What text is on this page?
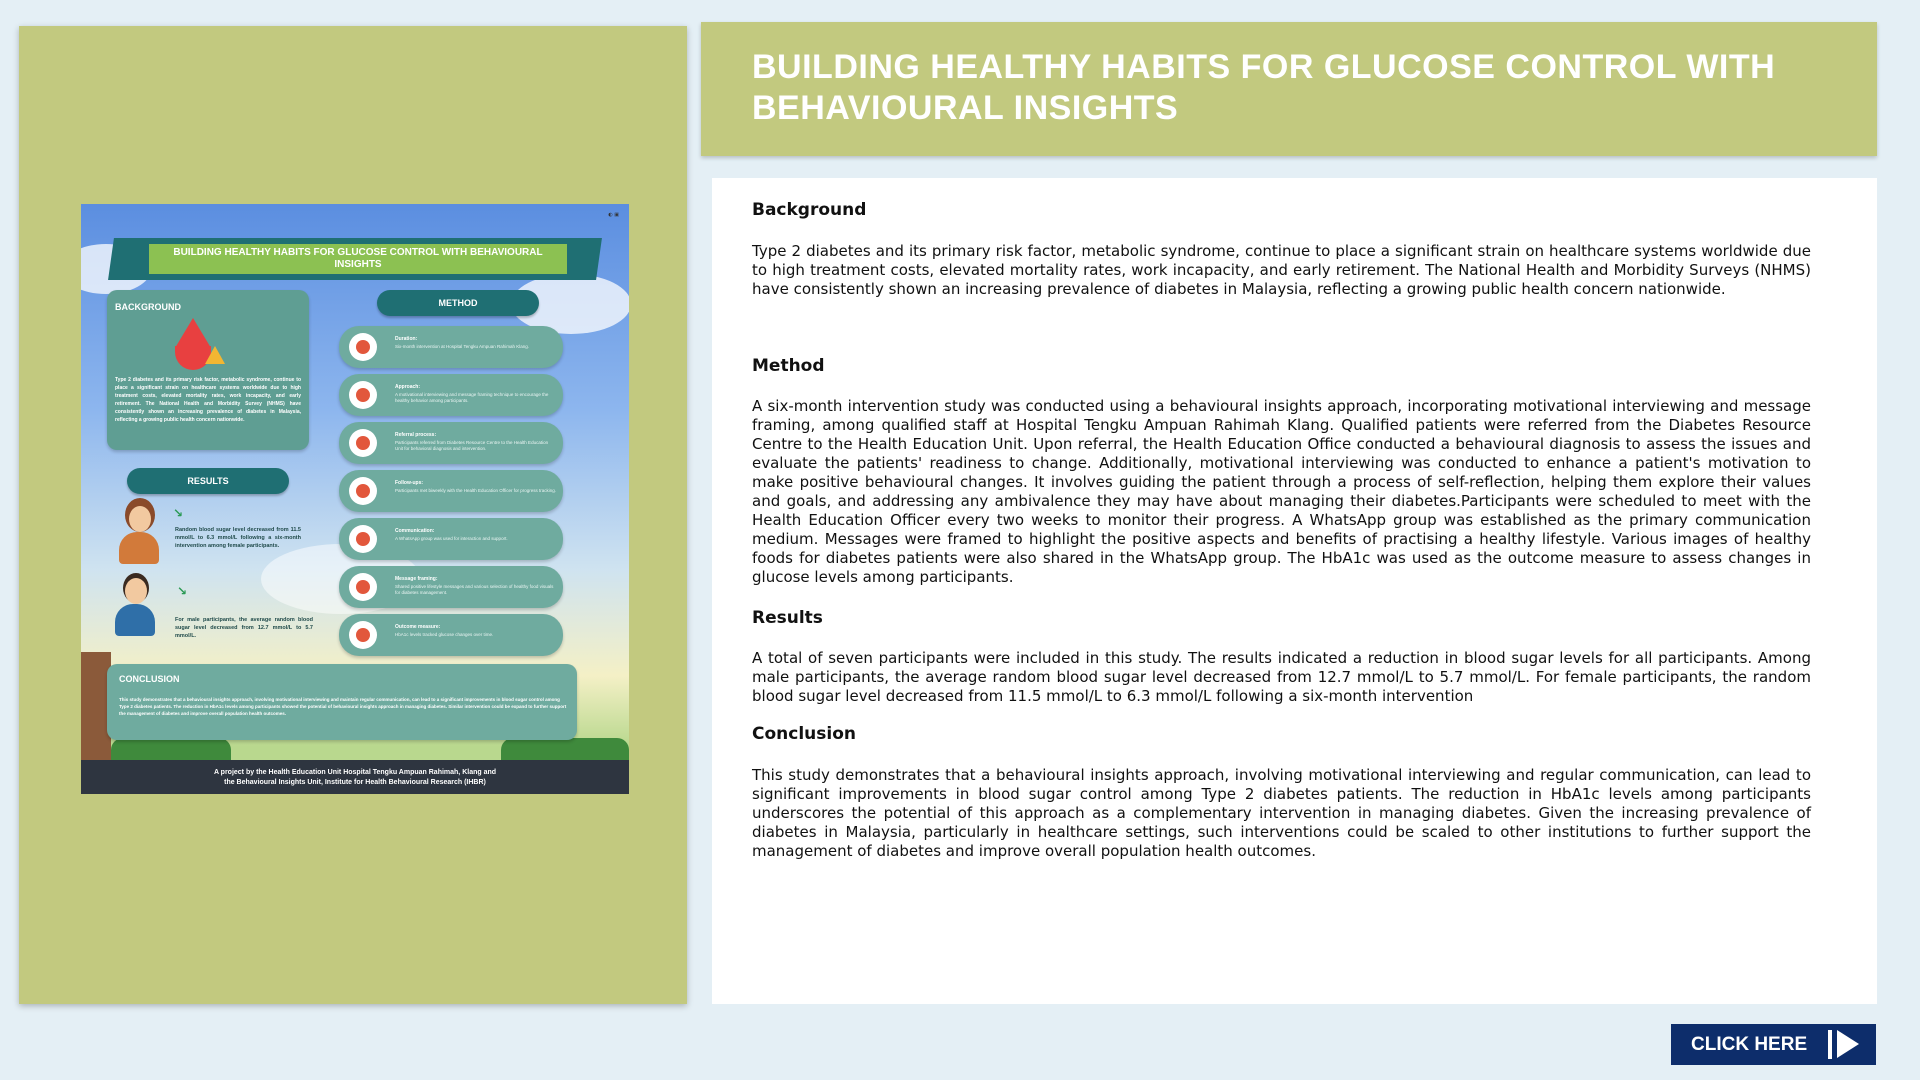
◐ ▣
BUILDING HEALTHY HABITS FOR GLUCOSE CONTROL WITH BEHAVIOURAL INSIGHTS
BACKGROUND
Type 2 diabetes and its primary risk factor, metabolic syndrome, continue to place a significant strain on healthcare systems worldwide due to high treatment costs, elevated mortality rates, work incapacity, and early retirement. The National Health and Morbidity Survey (NHMS) have consistently shown an increasing prevalence of diabetes in Malaysia, reflecting a growing public health concern nationwide.
METHOD
Duration:
Six-month intervention at Hospital Tengku Ampuan Rahimah Klang.
Approach:
A motivational interviewing and message framing technique to encourage the healthy behavior among participants.
Referral process:
Participants referred from Diabetes Resource Centre to the Health Education Unit for behavioral diagnosis and intervention.
Follow-ups:
Participants met biweekly with the Health Education Officer for progress tracking.
Communication:
A WhatsApp group was used for interaction and support.
Message framing:
Shared positive lifestyle messages and various selection of healthy food visuals for diabetes management.
Outcome measure:
HbA1c levels tracked glucose changes over time.
RESULTS
↘
Random blood sugar level decreased from 11.5 mmol/L to 6.3 mmol/L following a six-month intervention among female participants.
↘
For male participants, the average random blood sugar level decreased from 12.7 mmol/L to 5.7 mmol/L.
CONCLUSION
This study demonstrates that a behavioural insights approach, involving motivational interviewing and maintain regular communication, can lead to a significant improvements in blood sugar control among Type 2 diabetes patients. The reduction in HbA1c levels among participants showed the potential of behavioural insights approach in managing diabetes. Similar intervention could be expand to further support the management of diabetes and improve overall population health outcomes.
A project by the Health Education Unit Hospital Tengku Ampuan Rahimah, Klang and
the Behavioural Insights Unit, Institute for Health Behavioural Research (IHBR)
BUILDING HEALTHY HABITS FOR GLUCOSE CONTROL WITH BEHAVIOURAL INSIGHTS
Background

Type 2 diabetes and its primary risk factor, metabolic syndrome, continue to place a significant strain on healthcare systems worldwide due to high treatment costs, elevated mortality rates, work incapacity, and early retirement. The National Health and Morbidity Surveys (NHMS) have consistently shown an increasing prevalence of diabetes in Malaysia, reflecting a growing public health concern nationwide.

Method

A six-month intervention study was conducted using a behavioural insights approach, incorporating motivational interviewing and message framing, among qualified staff at Hospital Tengku Ampuan Rahimah Klang. Qualified patients were referred from the Diabetes Resource Centre to the Health Education Unit. Upon referral, the Health Education Office conducted a behavioural diagnosis to assess the issues and evaluate the patients' readiness to change. Additionally, motivational interviewing was conducted to enhance a patient's motivation to make positive behavioural changes. It involves guiding the patient through a process of self-reflection, helping them explore their values and goals, and addressing any ambivalence they may have about managing their diabetes.Participants were scheduled to meet with the Health Education Officer every two weeks to monitor their progress. A WhatsApp group was established as the primary communication medium. Messages were framed to highlight the positive aspects and benefits of practising a healthy lifestyle. Various images of healthy foods for diabetes patients were also shared in the WhatsApp group. The HbA1c was used as the outcome measure to assess changes in glucose levels among participants.

Results

A total of seven participants were included in this study. The results indicated a reduction in blood sugar levels for all participants. Among male participants, the average random blood sugar level decreased from 12.7 mmol/L to 5.7 mmol/L. For female participants, the random blood sugar level decreased from 11.5 mmol/L to 6.3 mmol/L following a six-month intervention

Conclusion

This study demonstrates that a behavioural insights approach, involving motivational interviewing and regular communication, can lead to significant improvements in blood sugar control among Type 2 diabetes patients. The reduction in HbA1c levels among participants underscores the potential of this approach as a complementary intervention in managing diabetes. Given the increasing prevalence of diabetes in Malaysia, particularly in healthcare settings, such interventions could be scaled to other institutions to further support the management of diabetes and improve overall population health outcomes.

CLICK HERE
